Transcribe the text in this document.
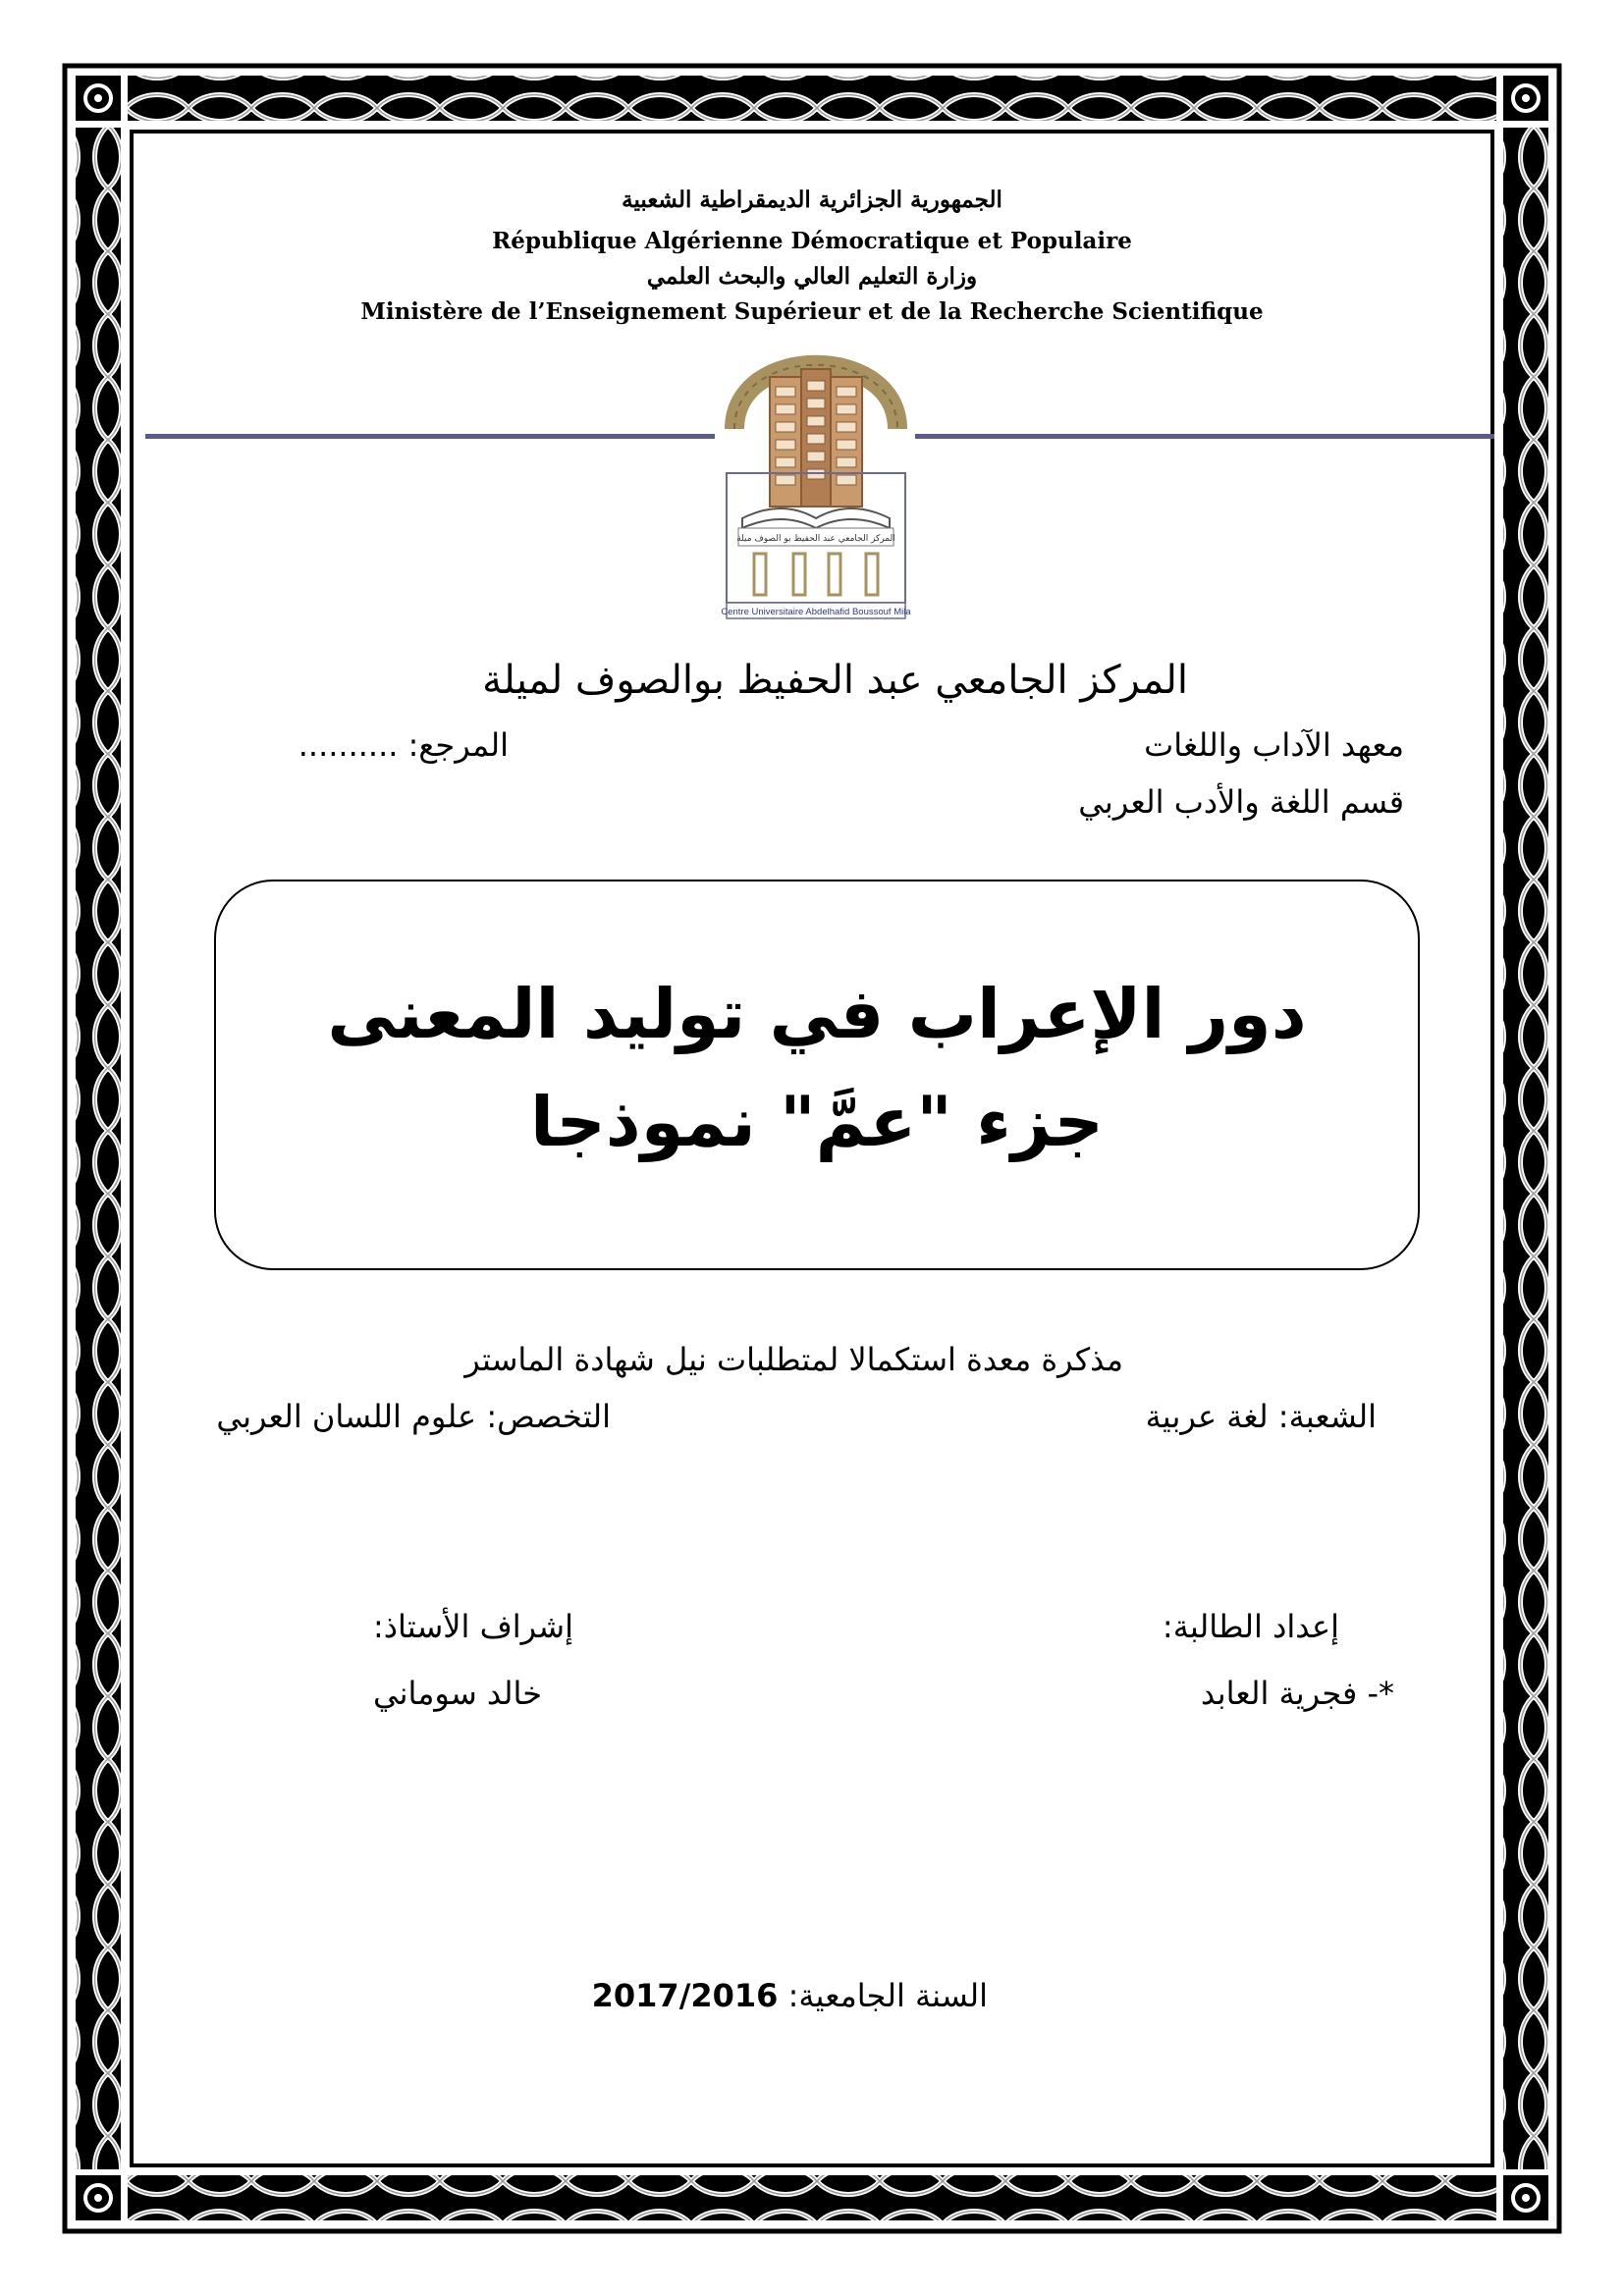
الجمهورية الجزائرية الديمقراطية الشعبية

République Algérienne Démocratique et Populaire

وزارة التعليم العالي والبحث العلمي

Ministère de l’Enseignement Supérieur et de la Recherche Scientifique

المركز الجامعي عبد الحفيظ بو الصوف ميلة
Centre Universitaire Abdelhafid Boussouf Mila

المركز الجامعي عبد الحفيظ بوالصوف لميلة

معهد الآداب واللغات

المرجع: ..........

قسم اللغة والأدب العربي

دور الإعراب في توليد المعنى

جزء "عمَّ" نموذجا

مذكرة معدة استكمالا لمتطلبات نيل شهادة الماستر

الشعبة: لغة عربية

التخصص: علوم اللسان العربي

إعداد الطالبة:

إشراف الأستاذ:

*- فجرية العابد

خالد سوماني

السنة الجامعية: 2017/2016
